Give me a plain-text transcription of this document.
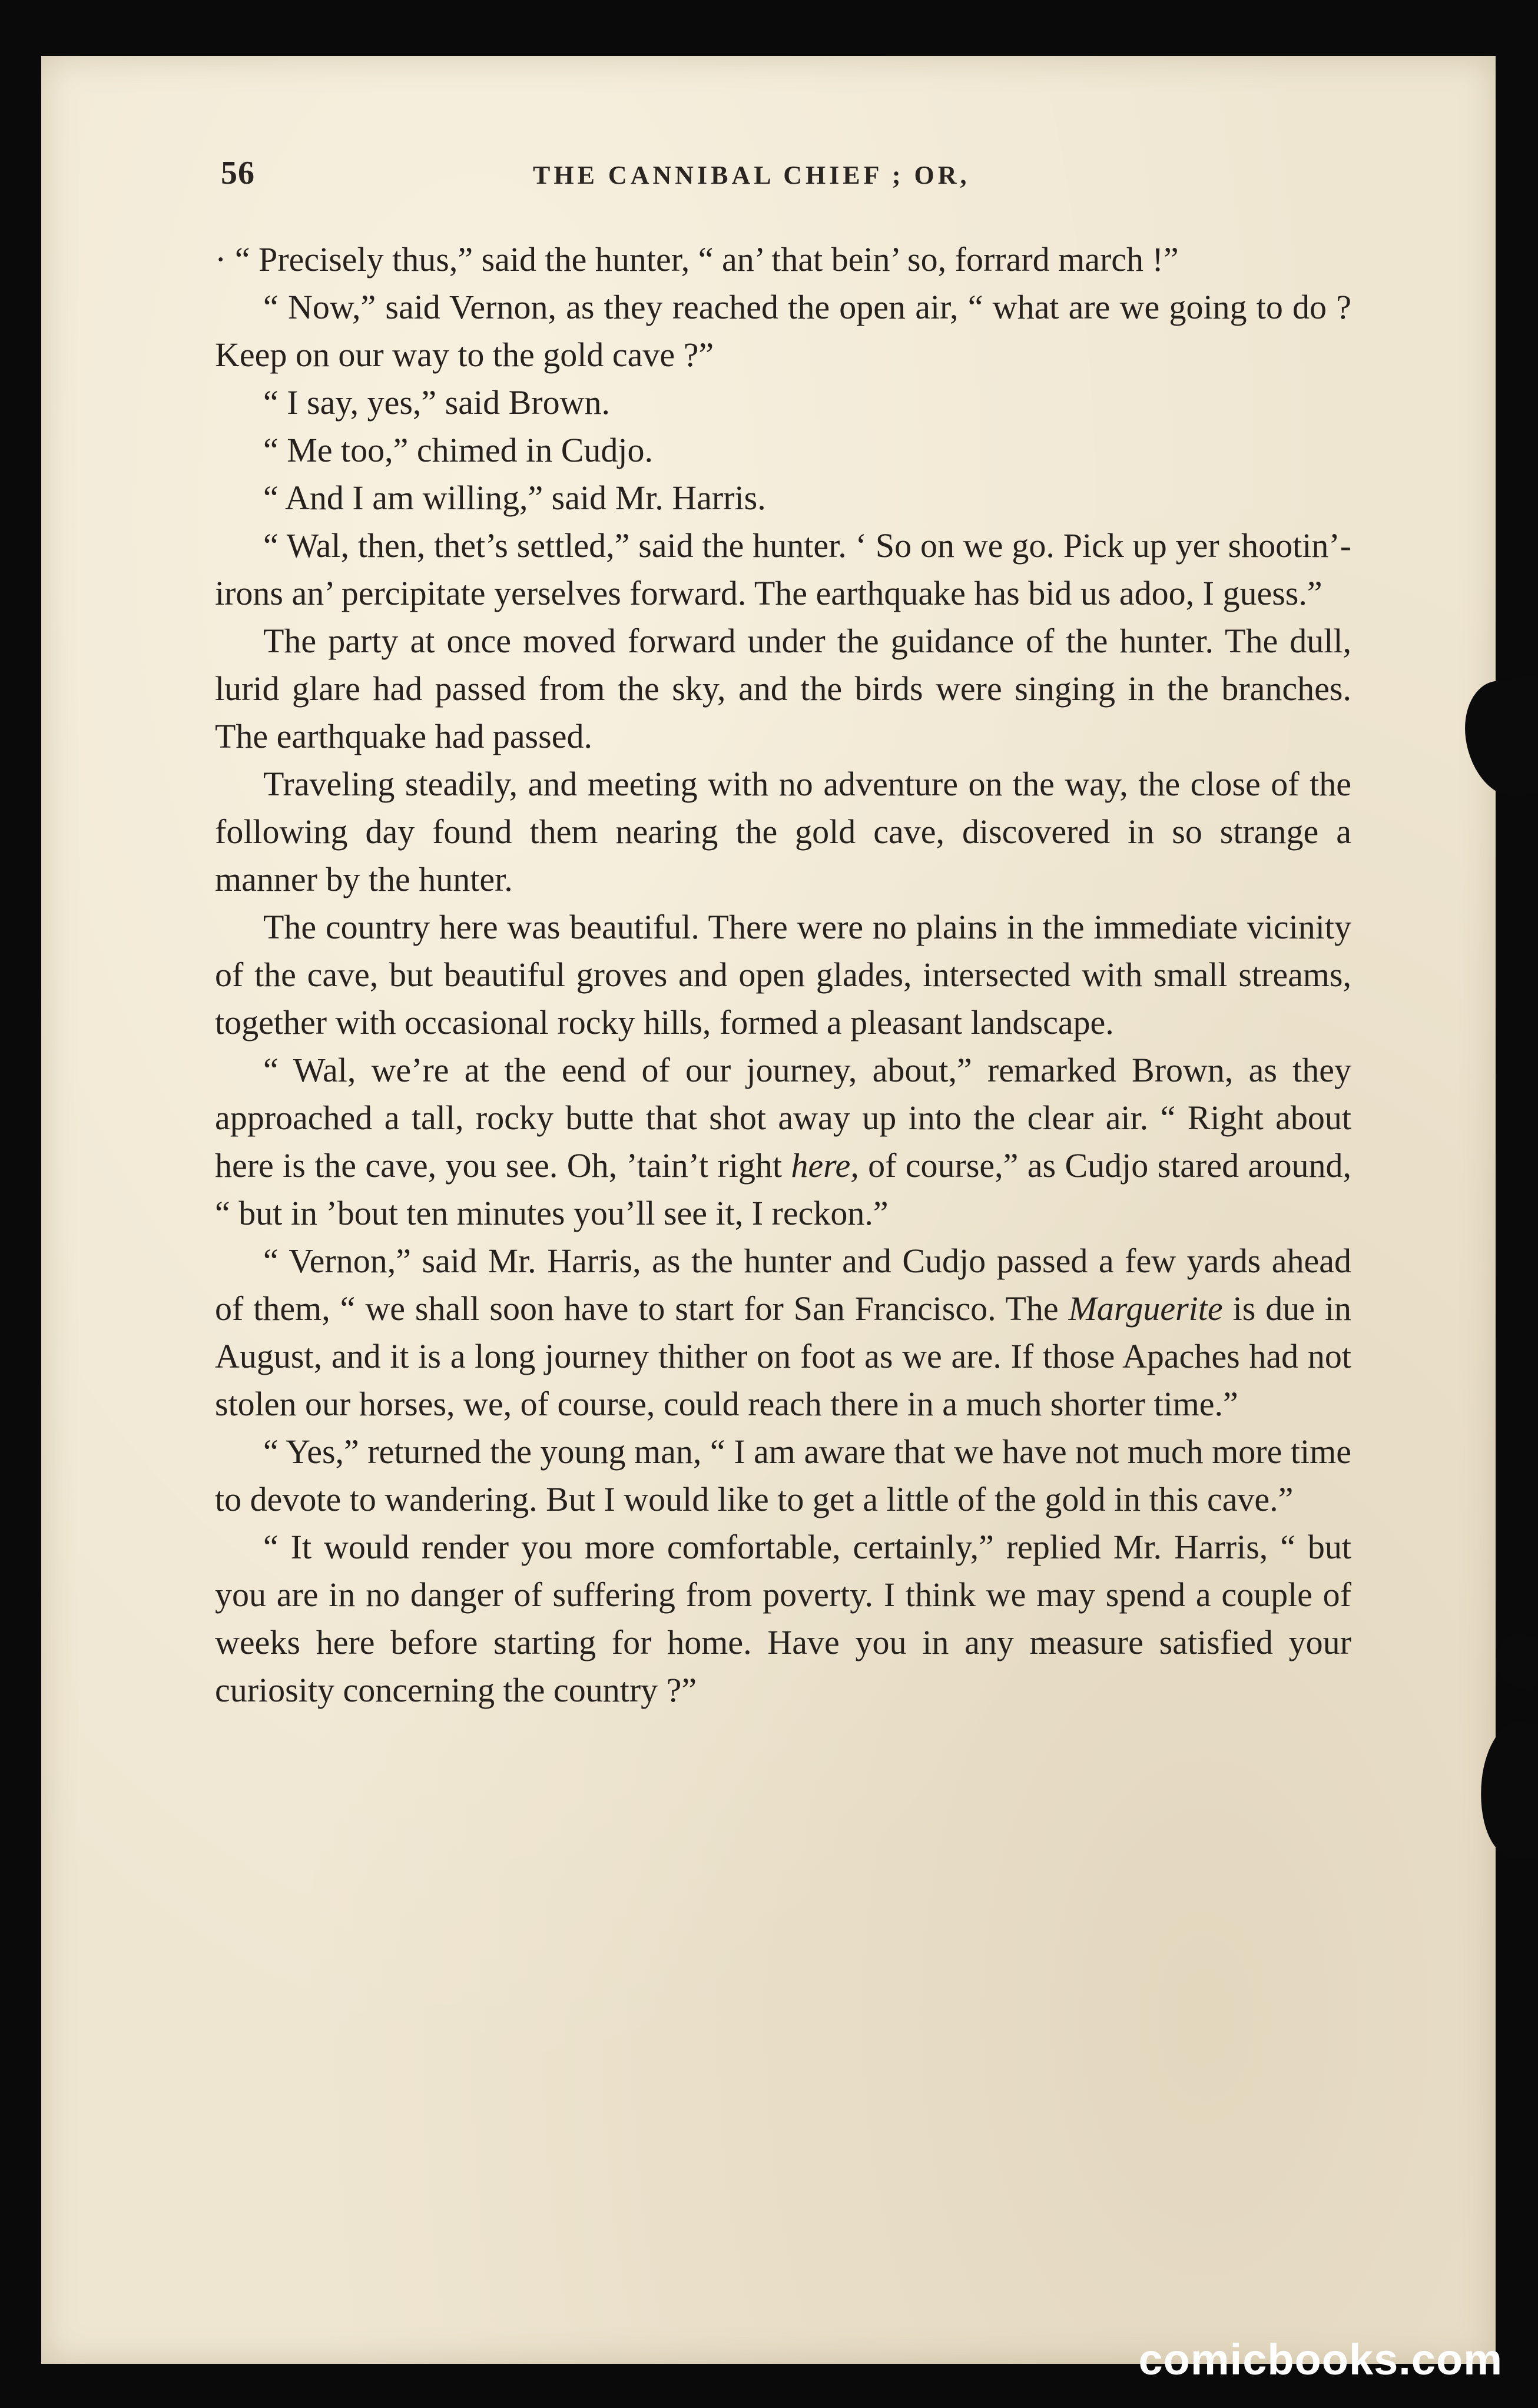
56	THE CANNIBAL CHIEF ; OR,

· “ Precisely thus,” said the hunter, “ an’ that bein’ so, forrard march !”

“ Now,” said Vernon, as they reached the open air, “ what are we going to do ? Keep on our way to the gold cave ?”

“ I say, yes,” said Brown.

“ Me too,” chimed in Cudjo.

“ And I am willing,” said Mr. Harris.

“ Wal, then, thet’s settled,” said the hunter. ‘ So on we go. Pick up yer shootin’-irons an’ percipitate yerselves forward. The earthquake has bid us adoo, I guess.”

The party at once moved forward under the guidance of the hunter. The dull, lurid glare had passed from the sky, and the birds were singing in the branches. The earthquake had passed.

Traveling steadily, and meeting with no adventure on the way, the close of the following day found them nearing the gold cave, discovered in so strange a manner by the hunter.

The country here was beautiful. There were no plains in the immediate vicinity of the cave, but beautiful groves and open glades, intersected with small streams, together with occasional rocky hills, formed a pleasant landscape.

“ Wal, we’re at the eend of our journey, about,” remarked Brown, as they approached a tall, rocky butte that shot away up into the clear air. “ Right about here is the cave, you see. Oh, ’tain’t right here, of course,” as Cudjo stared around, “ but in ’bout ten minutes you’ll see it, I reckon.”

“ Vernon,” said Mr. Harris, as the hunter and Cudjo passed a few yards ahead of them, “ we shall soon have to start for San Francisco. The Marguerite is due in August, and it is a long journey thither on foot as we are. If those Apaches had not stolen our horses, we, of course, could reach there in a much shorter time.”

“ Yes,” returned the young man, “ I am aware that we have not much more time to devote to wandering. But I would like to get a little of the gold in this cave.”

“ It would render you more comfortable, certainly,” replied Mr. Harris, “ but you are in no danger of suffering from poverty. I think we may spend a couple of weeks here before starting for home. Have you in any measure satisfied your curiosity concerning the country ?”

comicbooks.com
